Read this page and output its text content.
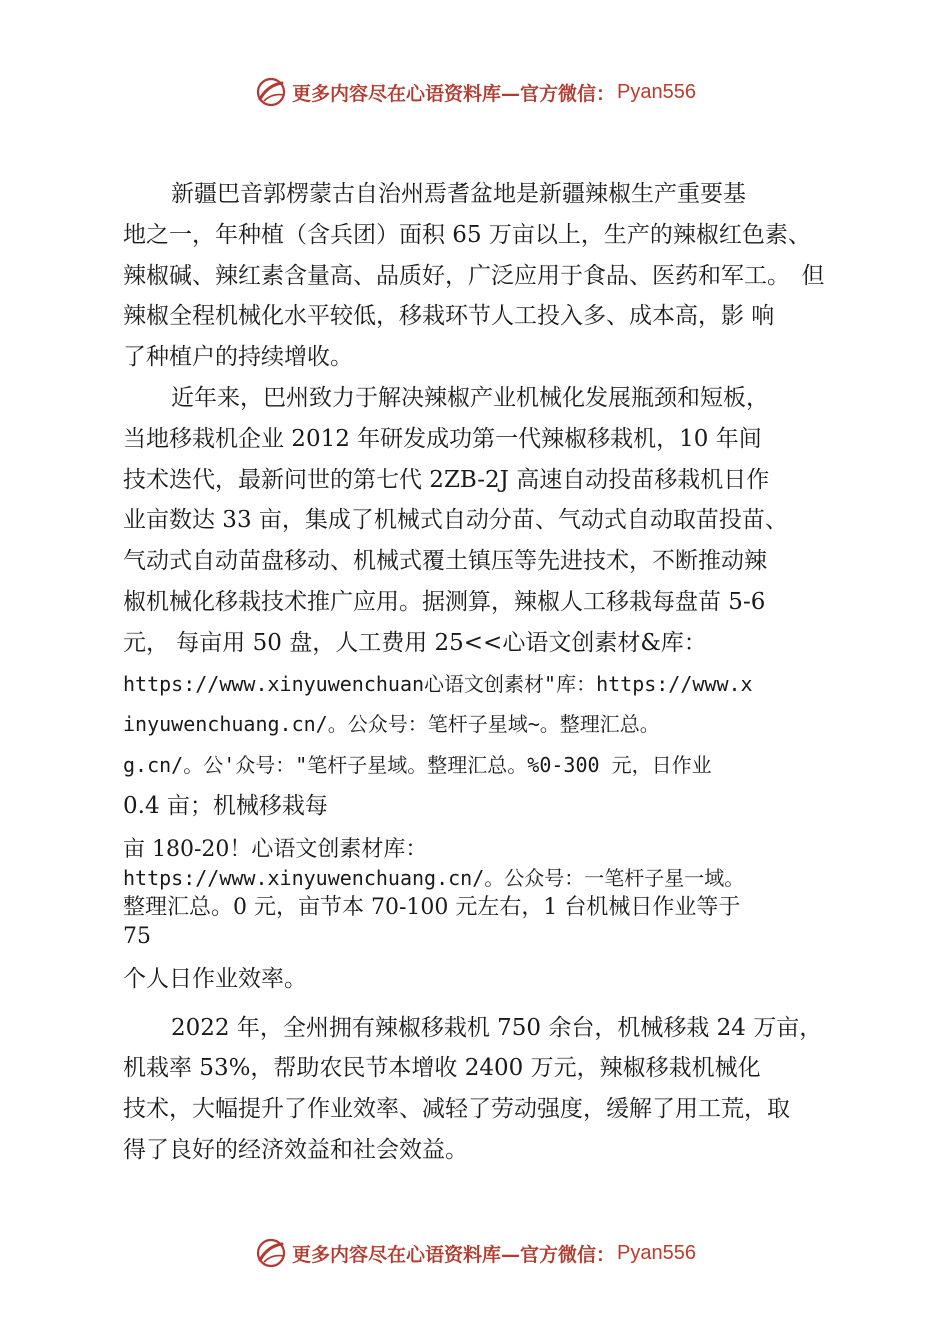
更多内容尽在心语资料库—官方微信： Pyan556

新疆巴音郭楞蒙古自治州焉耆盆地是新疆辣椒生产重要基

地之一，年种植（含兵团）面积 65 万亩以上，生产的辣椒红色素、

辣椒碱、辣红素含量高、品质好，广泛应用于食品、医药和军工。　但

辣椒全程机械化水平较低，移栽环节人工投入多、成本高，影 响

了种植户的持续增收。

近年来，巴州致力于解决辣椒产业机械化发展瓶颈和短板，

当地移栽机企业 2012 年研发成功第一代辣椒移栽机，10 年间

技术迭代，最新问世的第七代 2ZB-2J 高速自动投苗移栽机日作

业亩数达 33 亩，集成了机械式自动分苗、气动式自动取苗投苗、

气动式自动苗盘移动、机械式覆土镇压等先进技术，不断推动辣

椒机械化移栽技术推广应用。据测算，辣椒人工移栽每盘苗 5-6

元， 每亩用 50 盘，人工费用 25<<心语文创素材&库：

https://www.xinyuwenchuan心语文创素材"库：https://www.x

inyuwenchuang.cn/。公众号：笔杆子星域~。整理汇总。

g.cn/。公'众号："笔杆子星域。整理汇总。%0-300 元，日作业

0.4 亩；机械移栽每

亩 180-20！心语文创素材库：

https://www.xinyuwenchuang.cn/。公众号：一笔杆子星一域。

整理汇总。0 元，亩节本 70-100 元左右，1 台机械日作业等于

75

个人日作业效率。

2022 年，全州拥有辣椒移栽机 750 余台，机械移栽 24 万亩，

机栽率 53%，帮助农民节本增收 2400 万元，辣椒移栽机械化

技术，大幅提升了作业效率、减轻了劳动强度，缓解了用工荒，取

得了良好的经济效益和社会效益。

更多内容尽在心语资料库—官方微信： Pyan556
